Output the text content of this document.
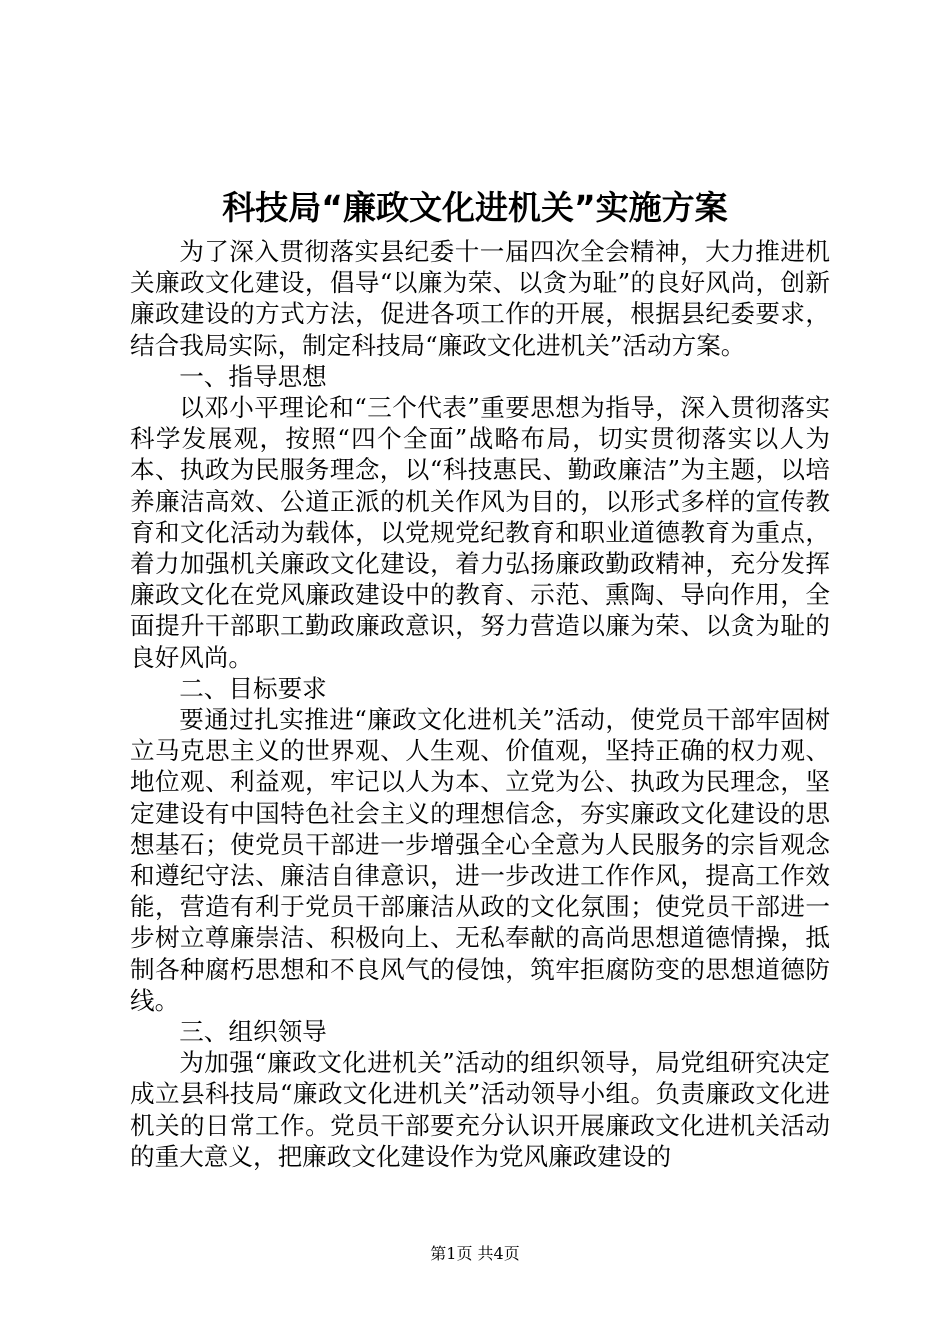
科技局“廉政文化进机关”实施方案

为了深入贯彻落实县纪委十一届四次全会精神，大力推进机关廉政文化建设，倡导“以廉为荣、以贪为耻”的良好风尚，创新廉政建设的方式方法，促进各项工作的开展，根据县纪委要求，结合我局实际，制定科技局“廉政文化进机关”活动方案。

一、指导思想

以邓小平理论和“三个代表”重要思想为指导，深入贯彻落实科学发展观，按照“四个全面”战略布局，切实贯彻落实以人为本、执政为民服务理念，以“科技惠民、勤政廉洁”为主题，以培养廉洁高效、公道正派的机关作风为目的，以形式多样的宣传教育和文化活动为载体，以党规党纪教育和职业道德教育为重点，着力加强机关廉政文化建设，着力弘扬廉政勤政精神，充分发挥廉政文化在党风廉政建设中的教育、示范、熏陶、导向作用，全面提升干部职工勤政廉政意识，努力营造以廉为荣、以贪为耻的良好风尚。

二、目标要求

要通过扎实推进“廉政文化进机关”活动，使党员干部牢固树立马克思主义的世界观、人生观、价值观，坚持正确的权力观、地位观、利益观，牢记以人为本、立党为公、执政为民理念，坚定建设有中国特色社会主义的理想信念，夯实廉政文化建设的思想基石；使党员干部进一步增强全心全意为人民服务的宗旨观念和遵纪守法、廉洁自律意识，进一步改进工作作风，提高工作效能，营造有利于党员干部廉洁从政的文化氛围；使党员干部进一步树立尊廉崇洁、积极向上、无私奉献的高尚思想道德情操，抵制各种腐朽思想和不良风气的侵蚀，筑牢拒腐防变的思想道德防线。

三、组织领导

为加强“廉政文化进机关”活动的组织领导，局党组研究决定成立县科技局“廉政文化进机关”活动领导小组。负责廉政文化进机关的日常工作。党员干部要充分认识开展廉政文化进机关活动的重大意义，把廉政文化建设作为党风廉政建设的

第1页 共4页
